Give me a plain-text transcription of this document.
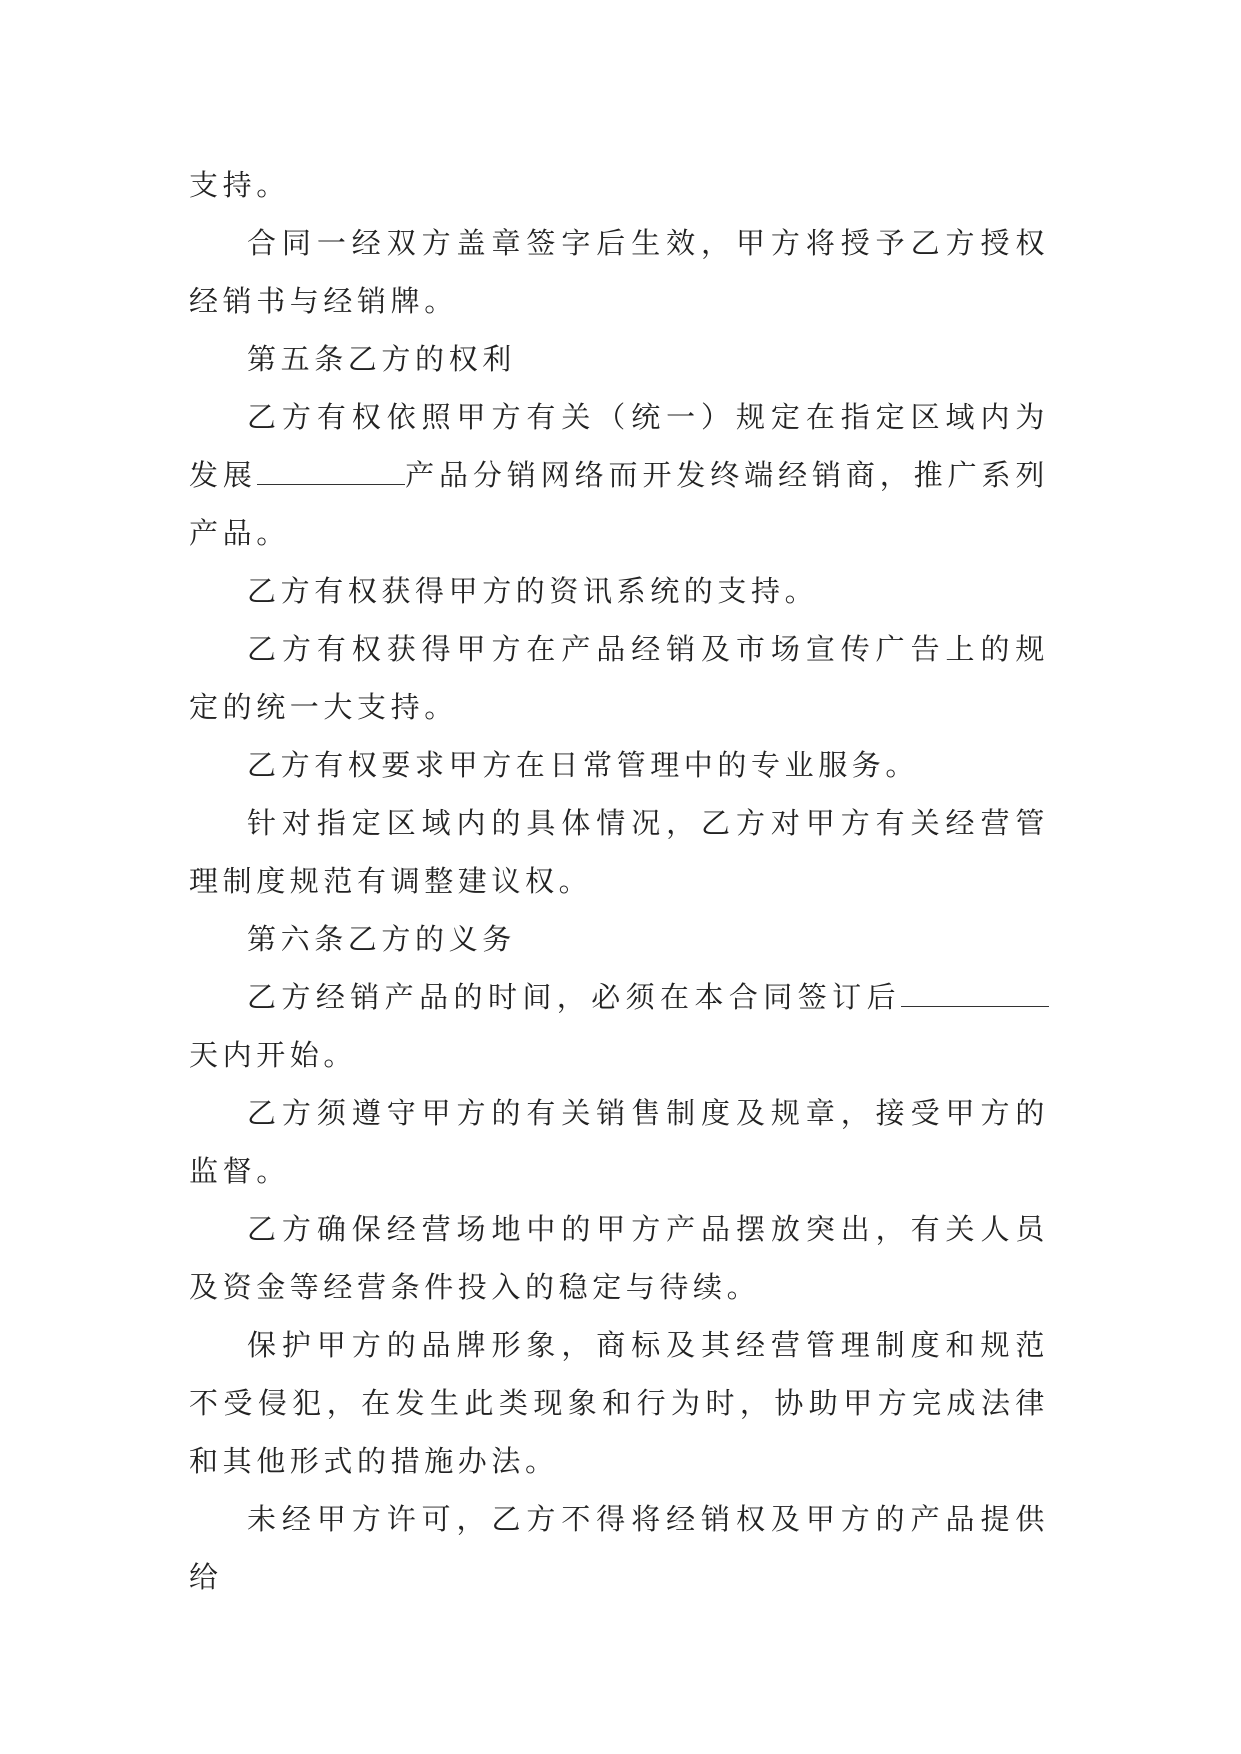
支持。

合同一经双方盖章签字后生效，甲方将授予乙方授权经销书与经销牌。

第五条乙方的权利

乙方有权依照甲方有关（统一）规定在指定区域内为发展	产品分销网络而开发终端经销商，推广系列产品。

乙方有权获得甲方的资讯系统的支持。

乙方有权获得甲方在产品经销及市场宣传广告上的规定的统一大支持。

乙方有权要求甲方在日常管理中的专业服务。

针对指定区域内的具体情况，乙方对甲方有关经营管理制度规范有调整建议权。

第六条乙方的义务

乙方经销产品的时间，必须在本合同签订后天内开始。

乙方须遵守甲方的有关销售制度及规章，接受甲方的监督。

乙方确保经营场地中的甲方产品摆放突出，有关人员及资金等经营条件投入的稳定与待续。

保护甲方的品牌形象，商标及其经营管理制度和规范不受侵犯，在发生此类现象和行为时，协助甲方完成法律和其他形式的措施办法。

未经甲方许可，乙方不得将经销权及甲方的产品提供给
